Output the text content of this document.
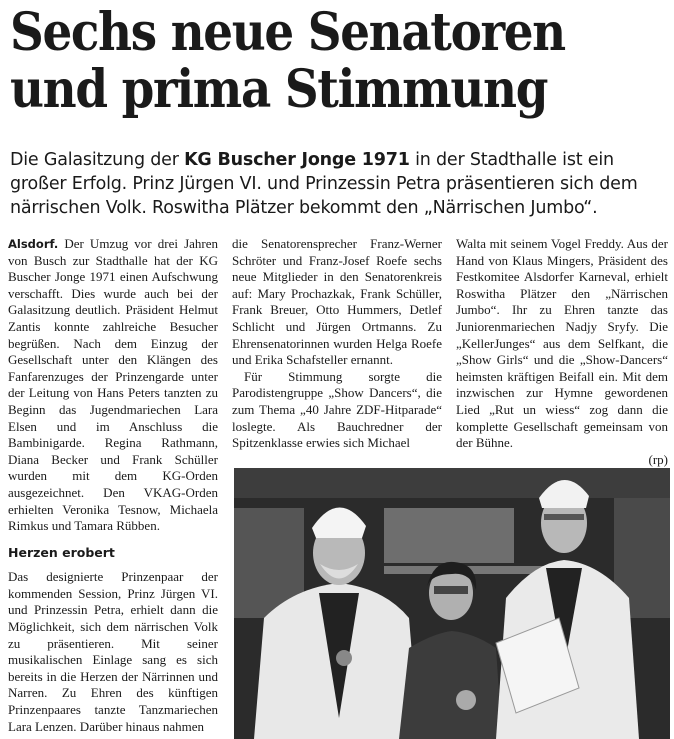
Sechs neue Senatoren
und prima Stimmung
Die Galasitzung der KG Buscher Jonge 1971 in der Stadthalle ist ein großer Erfolg. Prinz Jürgen VI. und Prinzessin Petra präsentieren sich dem närrischen Volk. Roswitha Plätzer bekommt den „Närrischen Jumbo“.

Alsdorf. Der Umzug vor drei Jahren von Busch zur Stadthalle hat der KG Buscher Jonge 1971 einen Aufschwung verschafft. Dies wurde auch bei der Galasitzung deutlich. Präsident Helmut Zantis konnte zahlreiche Besucher begrüßen. Nach dem Einzug der Gesellschaft unter den Klängen des Fanfarenzuges der Prinzengarde unter der Leitung von Hans Peters tanzten zu Beginn das Jugendmariechen Lara Elsen und im Anschluss die Bambinigarde. Regina Rathmann, Diana Becker und Frank Schüller wurden mit dem KG-Orden ausgezeichnet. Den VKAG-Orden erhielten Veronika Tesnow, Michaela Rimkus und Tamara Rübben.

Herzen erobert

Das designierte Prinzenpaar der kommenden Session, Prinz Jürgen VI. und Prinzessin Petra, erhielt dann die Möglichkeit, sich dem närrischen Volk zu präsentieren. Mit seiner musikalischen Einlage sang es sich bereits in die Herzen der Närrinnen und Narren. Zu Ehren des künftigen Prinzenpaares tanzte Tanzmariechen Lara Lenzen. Darüber hinaus nahmen

die Senatorensprecher Franz-Werner Schröter und Franz-Josef Roefe sechs neue Mitglieder in den Senatorenkreis auf: Mary Prochazkak, Frank Schüller, Frank Breuer, Otto Hummers, Detlef Schlicht und Jürgen Ortmanns. Zu Ehrensenatorinnen wurden Helga Roefe und Erika Schafsteller ernannt.

Für Stimmung sorgte die Parodistengruppe „Show Dancers“, die zum Thema „40 Jahre ZDF-Hitparade“ loslegte. Als Bauchredner der Spitzenklasse erwies sich Michael

Walta mit seinem Vogel Freddy. Aus der Hand von Klaus Mingers, Präsident des Festkomitee Alsdorfer Karneval, erhielt Roswitha Plätzer den „Närrischen Jumbo“. Ihr zu Ehren tanzte das Juniorenmariechen Nadjy Sryfy. Die „KellerJunges“ aus dem Selfkant, die „Show Girls“ und die „Show-Dancers“ heimsten kräftigen Beifall ein. Mit dem inzwischen zur Hymne gewordenen Lied „Rut un wiess“ zog dann die komplette Gesellschaft gemeinsam von der Bühne.

(rp)
